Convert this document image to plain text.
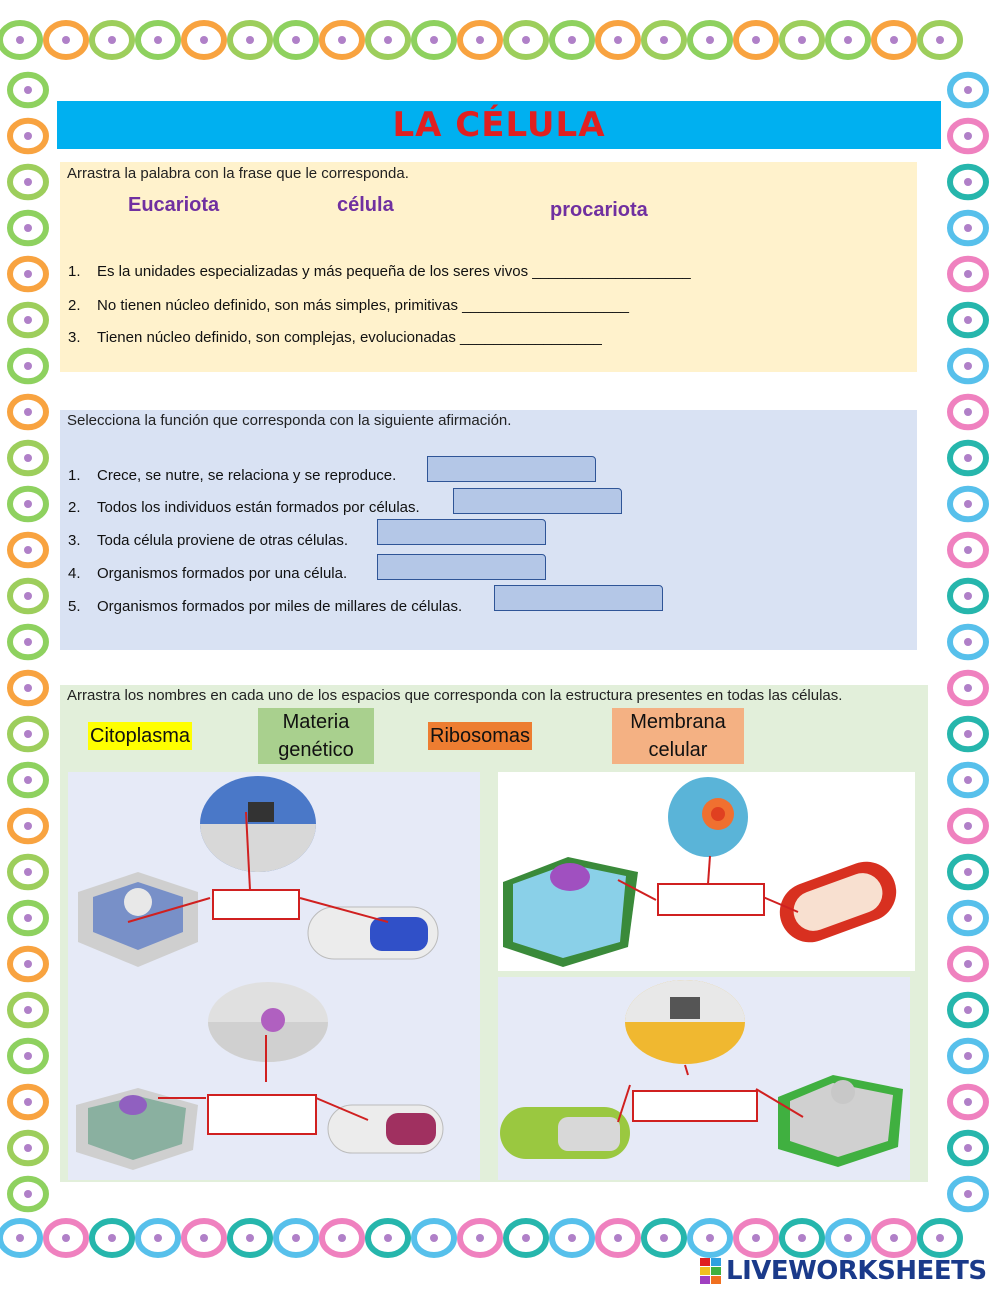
LA CÉLULA
Arrastra la palabra con la frase que le corresponda.
Eucariota	célula	procariota
1. Es la unidades especializadas y más pequeña de los seres vivos ___________________
2. No tienen núcleo definido, son más simples, primitivas ____________________
3. Tienen núcleo definido, son complejas, evolucionadas _________________
Selecciona la función que corresponda con la siguiente afirmación.
1. Crece, se nutre, se relaciona y se reproduce.
2. Todos los individuos están formados por células.
3. Toda célula proviene de otras células.
4. Organismos formados por una célula.
5. Organismos formados por miles de millares de células.
Arrastra los nombres en cada uno de los espacios que corresponda con la estructura presentes en todas las células.
Citoplasma
Materia genético
Ribosomas
Membrana celular
LIVEWORKSHEETS
